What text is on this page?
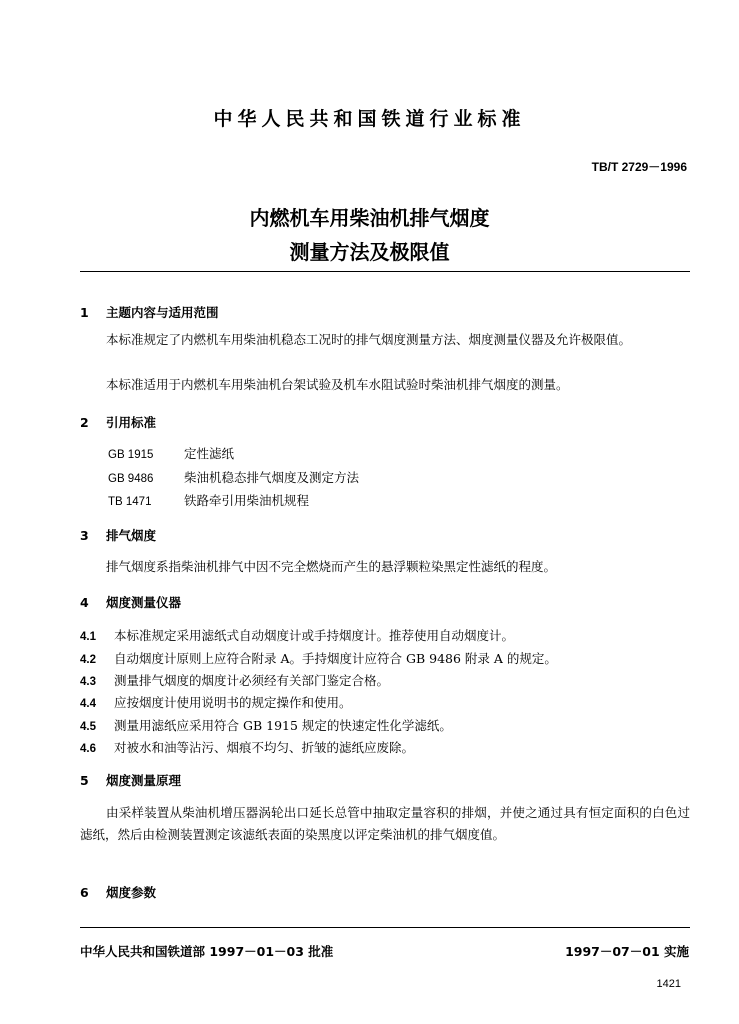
中华人民共和国铁道行业标准
TB/T 2729－1996
内燃机车用柴油机排气烟度
测量方法及极限值
1 主题内容与适用范围
本标准规定了内燃机车用柴油机稳态工况时的排气烟度测量方法、烟度测量仪器及允许极限值。
本标准适用于内燃机车用柴油机台架试验及机车水阻试验时柴油机排气烟度的测量。
2 引用标准
GB 1915 定性滤纸
GB 9486 柴油机稳态排气烟度及测定方法
TB 1471	铁路牵引用柴油机规程
3 排气烟度
排气烟度系指柴油机排气中因不完全燃烧而产生的悬浮颗粒染黑定性滤纸的程度。
4 烟度测量仪器
4.1 本标准规定采用滤纸式自动烟度计或手持烟度计。推荐使用自动烟度计。
4.2 自动烟度计原则上应符合附录 A。手持烟度计应符合 GB 9486 附录 A 的规定。
4.3 测量排气烟度的烟度计必须经有关部门鉴定合格。
4.4 应按烟度计使用说明书的规定操作和使用。
4.5 测量用滤纸应采用符合 GB 1915 规定的快速定性化学滤纸。
4.6 对被水和油等沾污、烟痕不均匀、折皱的滤纸应废除。
5 烟度测量原理
由采样装置从柴油机增压器涡轮出口延长总管中抽取定量容积的排烟，并使之通过具有恒定面积的白色过滤纸，然后由检测装置测定该滤纸表面的染黑度以评定柴油机的排气烟度值。
6 烟度参数
中华人民共和国铁道部 1997－01－03 批准	1997－07－01 实施
1421
